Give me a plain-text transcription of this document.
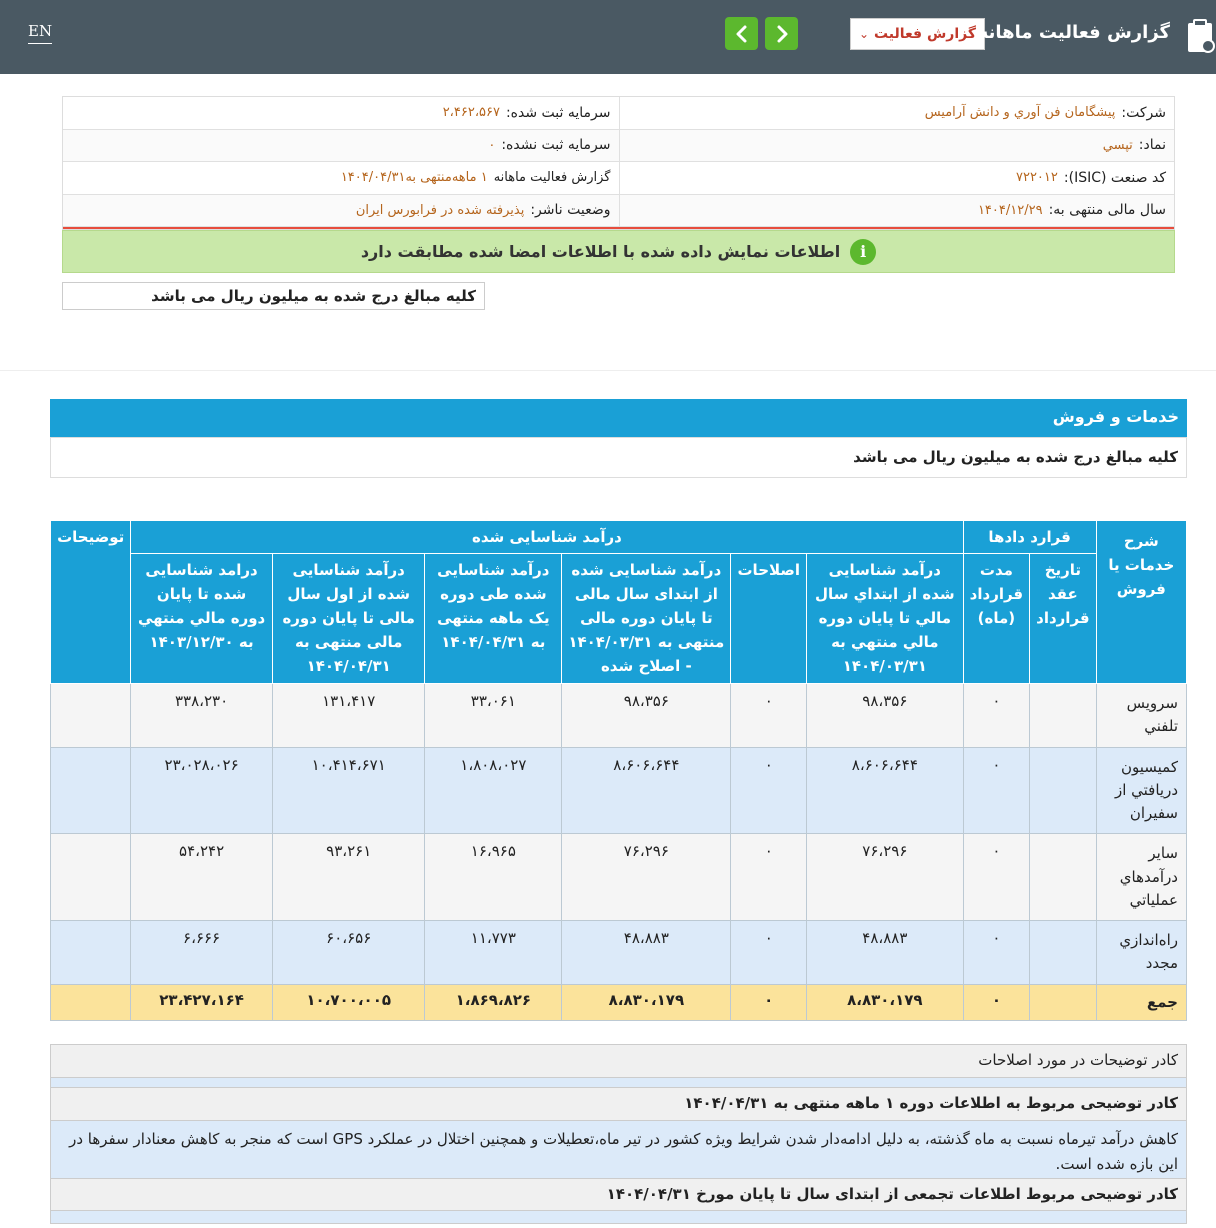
EN	گزارش فعالیت
⌄	گزارش فعالیت ماهانه
شرکت:
پیشگامان فن آوري و دانش آرامیس
سرمایه ثبت شده:
۲،۴۶۲،۵۶۷
نماد:
تپسي
سرمایه ثبت نشده:
۰
کد صنعت (ISIC):
۷۲۲۰۱۲
گزارش فعالیت ماهانه
۱ ماهه
منتهی به۱۴۰۴/۰۴/۳۱
سال مالی منتهی به:
۱۴۰۴/۱۲/۲۹
وضعیت ناشر:
پذیرفته شده در فرابورس ایران
i
اطلاعات نمایش داده شده با اطلاعات امضا شده مطابقت دارد
کلیه مبالغ درج شده به میلیون ریال می باشد
خدمات و فروش
کلیه مبالغ درج شده به میلیون ریال می باشد
شرح خدمات یا فروش	قرارد دادها		درآمد شناسایی شده						توضیحات
	تاریخ عقد قرارداد	مدت قرارداد (ماه)	درآمد شناسایی شده از ابتداي سال مالي تا پایان دوره مالي منتهي به ۱۴۰۴/۰۳/۳۱	اصلاحات	درآمد شناسایی شده از ابتدای سال مالی تا پایان دوره مالی منتهی به ۱۴۰۴/۰۳/۳۱ - اصلاح شده	درآمد شناسایی شده طی دوره یک ماهه منتهی به ۱۴۰۴/۰۴/۳۱	درآمد شناسایی شده از اول سال مالی تا پایان دوره مالی منتهی به ۱۴۰۴/۰۴/۳۱	درامد شناسایی شده تا پایان دوره مالي منتهي به ۱۴۰۳/۱۲/۳۰	
سرويس تلفني		۰	۹۸،۳۵۶	۰	۹۸،۳۵۶	۳۳،۰۶۱	۱۳۱،۴۱۷	۳۳۸،۲۳۰	
کمیسیون دریافتي از سفیران		۰	۸،۶۰۶،۶۴۴	۰	۸،۶۰۶،۶۴۴	۱،۸۰۸،۰۲۷	۱۰،۴۱۴،۶۷۱	۲۳،۰۲۸،۰۲۶	
ساير درآمدهاي عملیاتي		۰	۷۶،۲۹۶	۰	۷۶،۲۹۶	۱۶،۹۶۵	۹۳،۲۶۱	۵۴،۲۴۲	
راه‌اندازي مجدد		۰	۴۸،۸۸۳	۰	۴۸،۸۸۳	۱۱،۷۷۳	۶۰،۶۵۶	۶،۶۶۶	
جمع		۰	۸،۸۳۰،۱۷۹	۰	۸،۸۳۰،۱۷۹	۱،۸۶۹،۸۲۶	۱۰،۷۰۰،۰۰۵	۲۳،۴۲۷،۱۶۴	
کادر توضیحات در مورد اصلاحات
کادر توضیحی مربوط به اطلاعات دوره ۱ ماهه منتهی به ۱۴۰۴/۰۴/۳۱
کاهش درآمد تیرماه نسبت به ماه گذشته، به دلیل ادامه‌دار شدن شرایط ویژه کشور در تیر ماه،تعطیلات و همچنین اختلال در عملکرد GPS است که منجر به کاهش معنادار سفرها در این بازه شده است.
کادر توضیحی مربوط اطلاعات تجمعی از ابتدای سال تا پایان مورخ ۱۴۰۴/۰۴/۳۱
